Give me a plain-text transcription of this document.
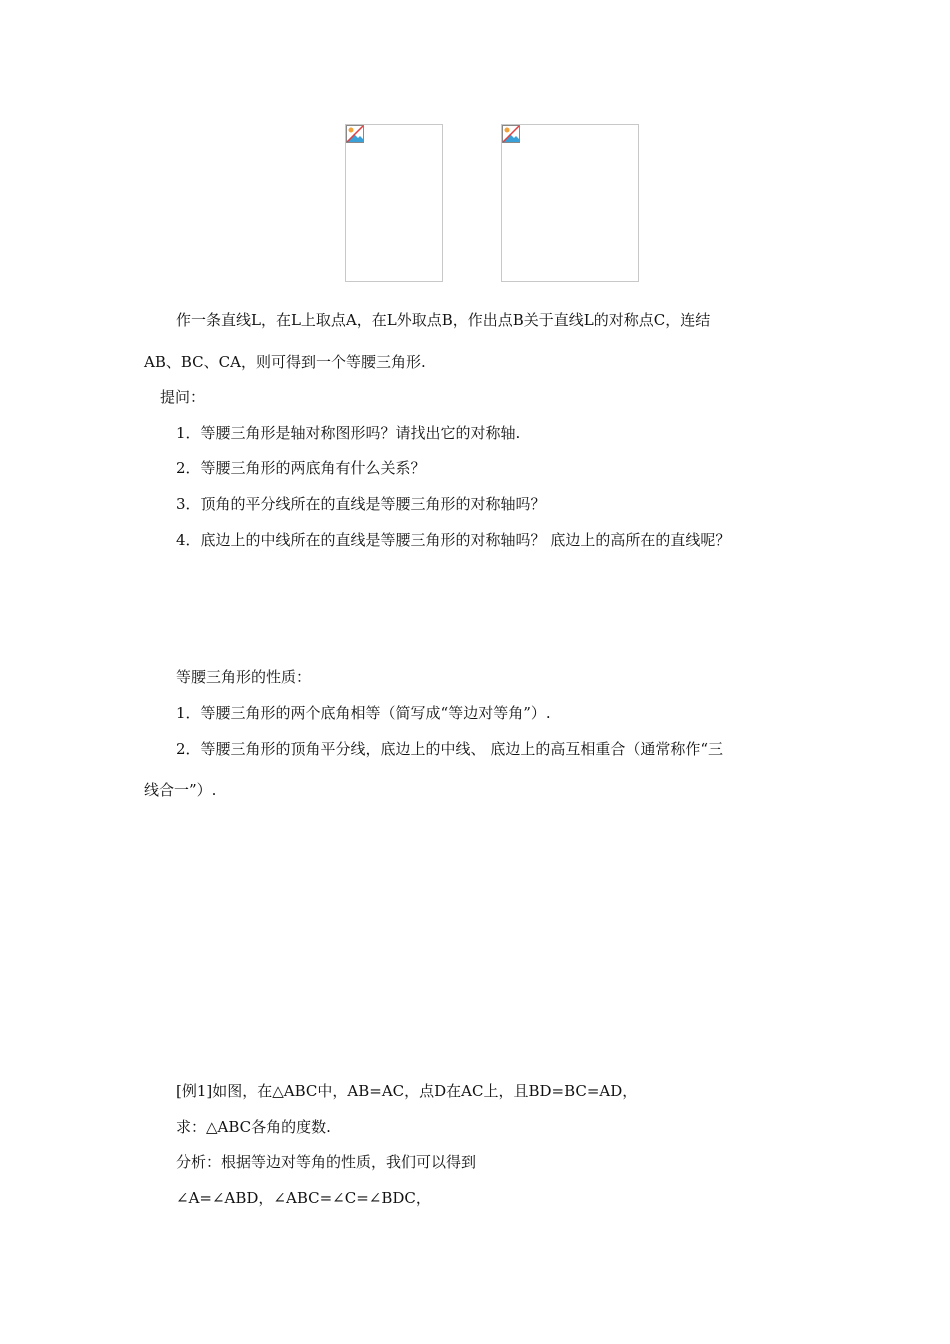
作一条直线L，在L上取点A，在L外取点B，作出点B关于直线L的对称点C，连结
AB、BC、CA，则可得到一个等腰三角形.
提问：
1．等腰三角形是轴对称图形吗？请找出它的对称轴.
2．等腰三角形的两底角有什么关系？
3．顶角的平分线所在的直线是等腰三角形的对称轴吗？
4．底边上的中线所在的直线是等腰三角形的对称轴吗？ 底边上的高所在的直线呢？
等腰三角形的性质：
1．等腰三角形的两个底角相等（简写成“等边对等角”）.
2．等腰三角形的顶角平分线，底边上的中线、 底边上的高互相重合（通常称作“三
线合一”）.
[例1]如图，在△ABC中，AB=AC，点D在AC上，且BD=BC=AD，
求：△ABC各角的度数.
分析：根据等边对等角的性质，我们可以得到
∠A=∠ABD，∠ABC=∠C=∠BDC，
